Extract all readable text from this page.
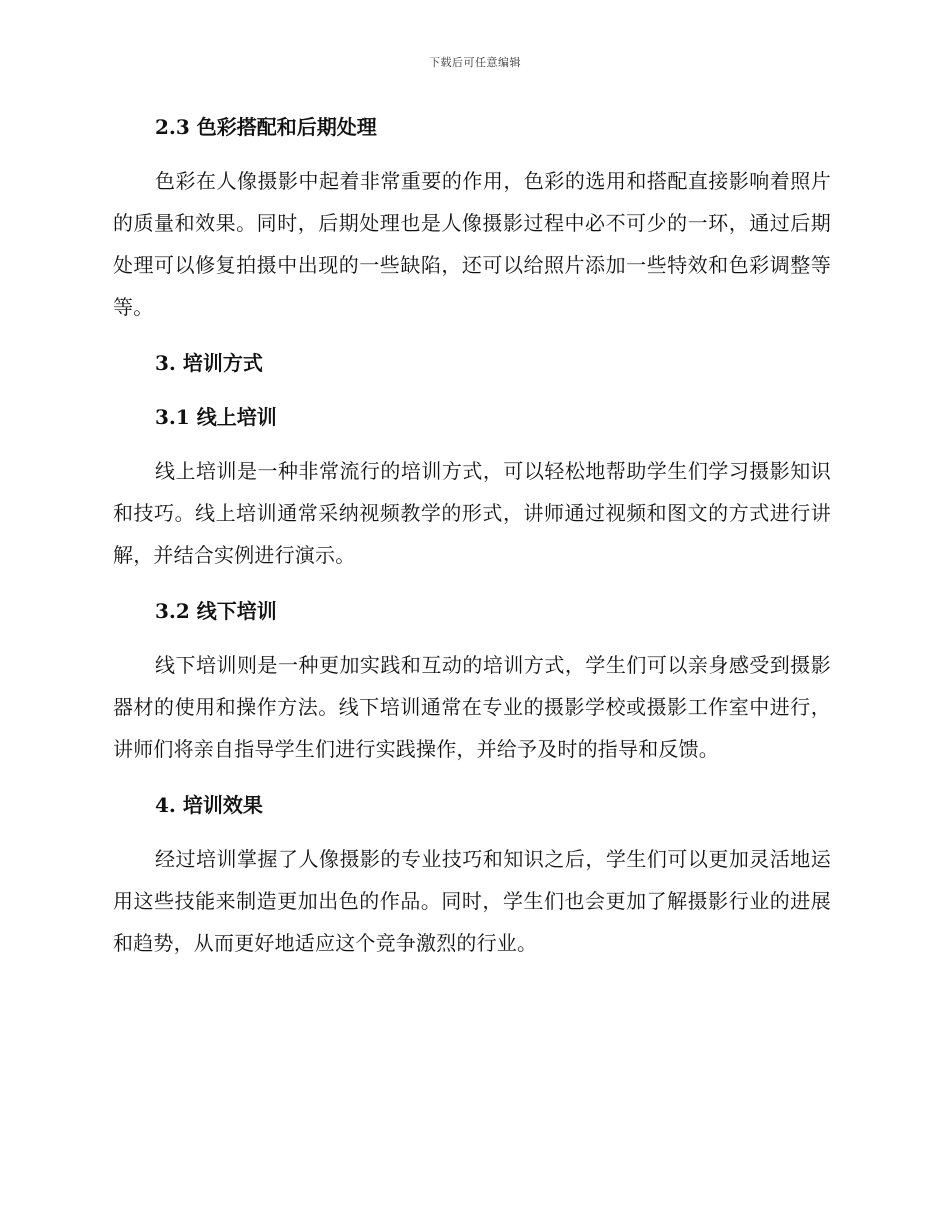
下载后可任意编辑
2.3 色彩搭配和后期处理

色彩在人像摄影中起着非常重要的作用，色彩的选用和搭配直接影响着照片的质量和效果。同时，后期处理也是人像摄影过程中必不可少的一环，通过后期处理可以修复拍摄中出现的一些缺陷，还可以给照片添加一些特效和色彩调整等等。

3. 培训方式
3.1 线上培训

线上培训是一种非常流行的培训方式，可以轻松地帮助学生们学习摄影知识和技巧。线上培训通常采纳视频教学的形式，讲师通过视频和图文的方式进行讲解，并结合实例进行演示。

3.2 线下培训

线下培训则是一种更加实践和互动的培训方式，学生们可以亲身感受到摄影器材的使用和操作方法。线下培训通常在专业的摄影学校或摄影工作室中进行，讲师们将亲自指导学生们进行实践操作，并给予及时的指导和反馈。

4. 培训效果

经过培训掌握了人像摄影的专业技巧和知识之后，学生们可以更加灵活地运用这些技能来制造更加出色的作品。同时，学生们也会更加了解摄影行业的进展和趋势，从而更好地适应这个竞争激烈的行业。
